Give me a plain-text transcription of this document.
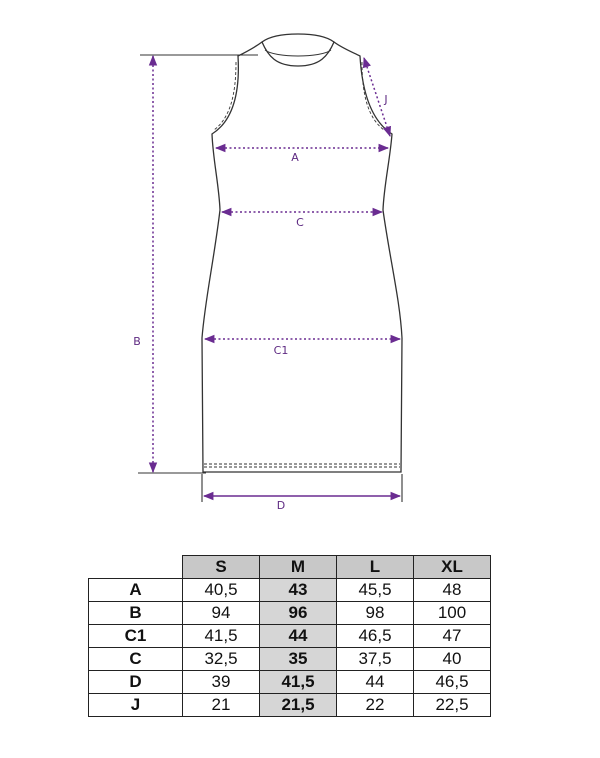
A
C
C1
B
D
J
	S	M	L	XL
A	40,5	43	45,5	48
B	94	96	98	100
C1	41,5	44	46,5	47
C	32,5	35	37,5	40
D	39	41,5	44	46,5
J	21	21,5	22	22,5
